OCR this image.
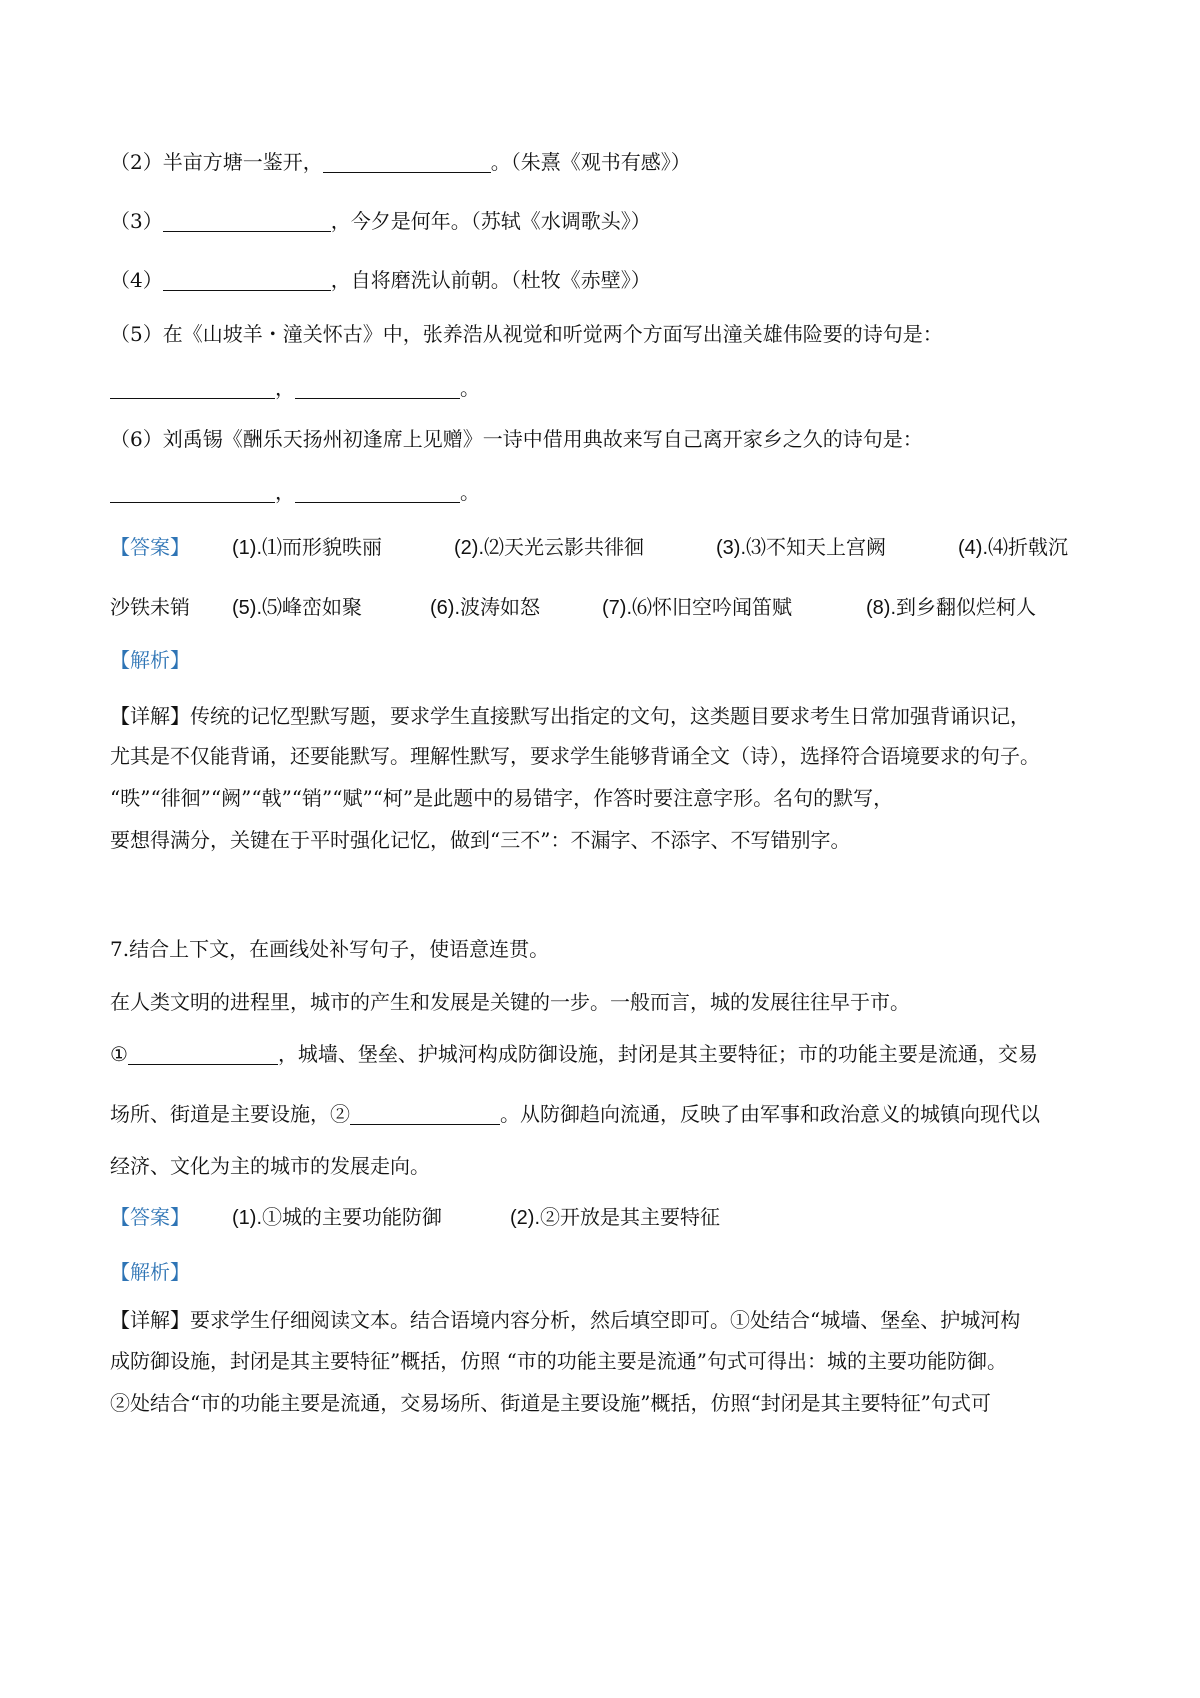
（2）半亩方塘一鉴开，	。（朱熹《观书有感》）
（3）	，今夕是何年。（苏轼《水调歌头》）
（4）	，自将磨洗认前朝。（杜牧《赤壁》）
（5）在《山坡羊・潼关怀古》中，张养浩从视觉和听觉两个方面写出潼关雄伟险要的诗句是：
，	。
（6）刘禹锡《酬乐天扬州初逢席上见赠》一诗中借用典故来写自己离开家乡之久的诗句是：
，	。
【答案】 (1).⑴而形貌昳丽	(2).⑵天光云影共徘徊	(3).⑶不知天上宫阙	(4).⑷折戟沉
沙铁未销 (5).⑸峰峦如聚	(6).波涛如怒	(7).⑹怀旧空吟闻笛赋	(8).到乡翻似烂柯人
【解析】
【详解】传统的记忆型默写题，要求学生直接默写出指定的文句，这类题目要求考生日常加强背诵识记，
尤其是不仅能背诵，还要能默写。理解性默写，要求学生能够背诵全文（诗），选择符合语境要求的句子。
“昳”“徘徊”“阙”“戟”“销”“赋”“柯”是此题中的易错字，作答时要注意字形。名句的默写，
要想得满分，关键在于平时强化记忆，做到“三不”：不漏字、不添字、不写错别字。
7.结合上下文，在画线处补写句子，使语意连贯。
在人类文明的进程里，城市的产生和发展是关键的一步。一般而言，城的发展往往早于市。
①	，城墙、堡垒、护城河构成防御设施，封闭是其主要特征；市的功能主要是流通，交易
场所、街道是主要设施，②	。从防御趋向流通，反映了由军事和政治意义的城镇向现代以
经济、文化为主的城市的发展走向。
【答案】 (1).①城的主要功能防御	(2).②开放是其主要特征
【解析】
【详解】要求学生仔细阅读文本。结合语境内容分析，然后填空即可。①处结合“城墙、堡垒、护城河构
成防御设施，封闭是其主要特征”概括，仿照 “市的功能主要是流通”句式可得出：城的主要功能防御。
②处结合“市的功能主要是流通，交易场所、街道是主要设施”概括，仿照“封闭是其主要特征”句式可
